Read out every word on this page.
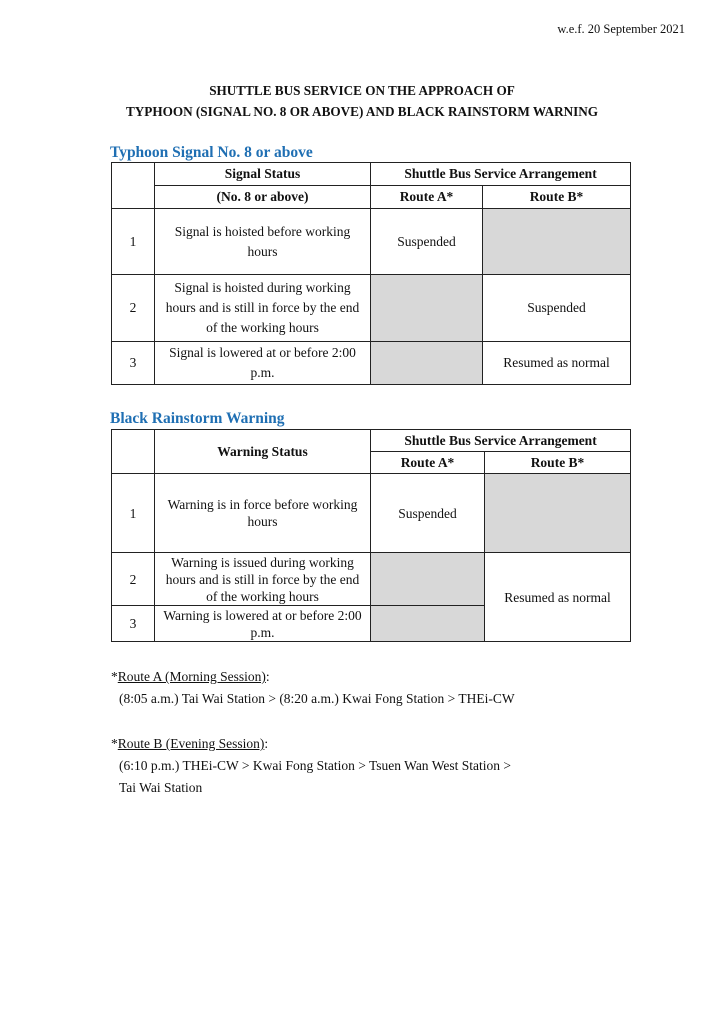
w.e.f. 20 September 2021
SHUTTLE BUS SERVICE ON THE APPROACH OF
TYPHOON (SIGNAL NO. 8 OR ABOVE) AND BLACK RAINSTORM WARNING
Typhoon Signal No. 8 or above
	Signal Status	Shuttle Bus Service Arrangement	
	(No. 8 or above)	Route A*	Route B*
1	Signal is hoisted before working hours	Suspended	
2	Signal is hoisted during working hours and is still in force by the end of the working hours		Suspended
3	Signal is lowered at or before 2:00 p.m.		Resumed as normal
Black Rainstorm Warning
	Warning Status	Shuttle Bus Service Arrangement	
		Route A*	Route B*
1	Warning is in force before working hours	Suspended	
2	Warning is issued during working hours and is still in force by the end of the working hours		Resumed as normal
3	Warning is lowered at or before 2:00 p.m.		
*Route A (Morning Session):
(8:05 a.m.) Tai Wai Station > (8:20 a.m.) Kwai Fong Station > THEi-CW
*Route B (Evening Session):
(6:10 p.m.) THEi-CW > Kwai Fong Station > Tsuen Wan West Station >
Tai Wai Station
